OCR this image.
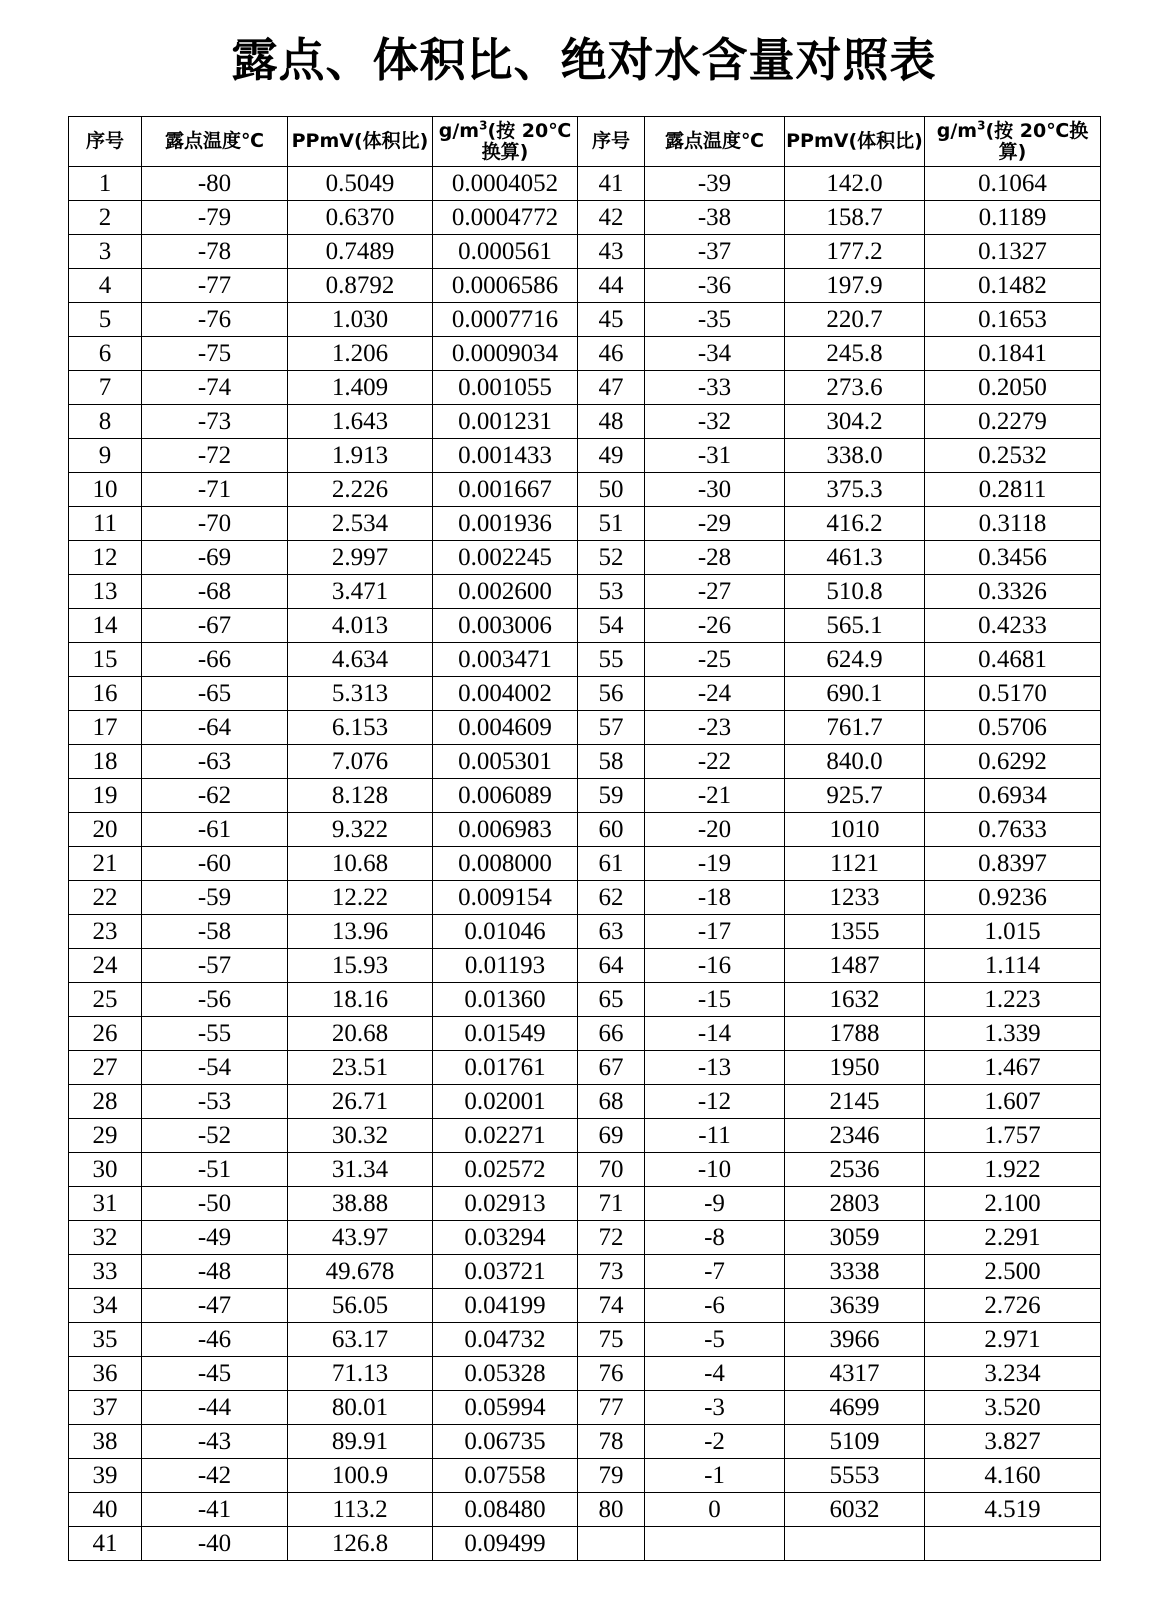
露点、体积比、绝对水含量对照表
序号	露点温度℃	PPmV(体积比)	$g/m^3$(按 20℃换算)	序号	露点温度℃	PPmV(体积比)	$g/m^3$(按 20℃换算)
1	-80	0.5049	0.0004052	41	-39	142.0	0.1064
2	-79	0.6370	0.0004772	42	-38	158.7	0.1189
3	-78	0.7489	0.000561	43	-37	177.2	0.1327
4	-77	0.8792	0.0006586	44	-36	197.9	0.1482
5	-76	1.030	0.0007716	45	-35	220.7	0.1653
6	-75	1.206	0.0009034	46	-34	245.8	0.1841
7	-74	1.409	0.001055	47	-33	273.6	0.2050
8	-73	1.643	0.001231	48	-32	304.2	0.2279
9	-72	1.913	0.001433	49	-31	338.0	0.2532
10	-71	2.226	0.001667	50	-30	375.3	0.2811
11	-70	2.534	0.001936	51	-29	416.2	0.3118
12	-69	2.997	0.002245	52	-28	461.3	0.3456
13	-68	3.471	0.002600	53	-27	510.8	0.3326
14	-67	4.013	0.003006	54	-26	565.1	0.4233
15	-66	4.634	0.003471	55	-25	624.9	0.4681
16	-65	5.313	0.004002	56	-24	690.1	0.5170
17	-64	6.153	0.004609	57	-23	761.7	0.5706
18	-63	7.076	0.005301	58	-22	840.0	0.6292
19	-62	8.128	0.006089	59	-21	925.7	0.6934
20	-61	9.322	0.006983	60	-20	1010	0.7633
21	-60	10.68	0.008000	61	-19	1121	0.8397
22	-59	12.22	0.009154	62	-18	1233	0.9236
23	-58	13.96	0.01046	63	-17	1355	1.015
24	-57	15.93	0.01193	64	-16	1487	1.114
25	-56	18.16	0.01360	65	-15	1632	1.223
26	-55	20.68	0.01549	66	-14	1788	1.339
27	-54	23.51	0.01761	67	-13	1950	1.467
28	-53	26.71	0.02001	68	-12	2145	1.607
29	-52	30.32	0.02271	69	-11	2346	1.757
30	-51	31.34	0.02572	70	-10	2536	1.922
31	-50	38.88	0.02913	71	-9	2803	2.100
32	-49	43.97	0.03294	72	-8	3059	2.291
33	-48	49.678	0.03721	73	-7	3338	2.500
34	-47	56.05	0.04199	74	-6	3639	2.726
35	-46	63.17	0.04732	75	-5	3966	2.971
36	-45	71.13	0.05328	76	-4	4317	3.234
37	-44	80.01	0.05994	77	-3	4699	3.520
38	-43	89.91	0.06735	78	-2	5109	3.827
39	-42	100.9	0.07558	79	-1	5553	4.160
40	-41	113.2	0.08480	80	0	6032	4.519
41	-40	126.8	0.09499				
